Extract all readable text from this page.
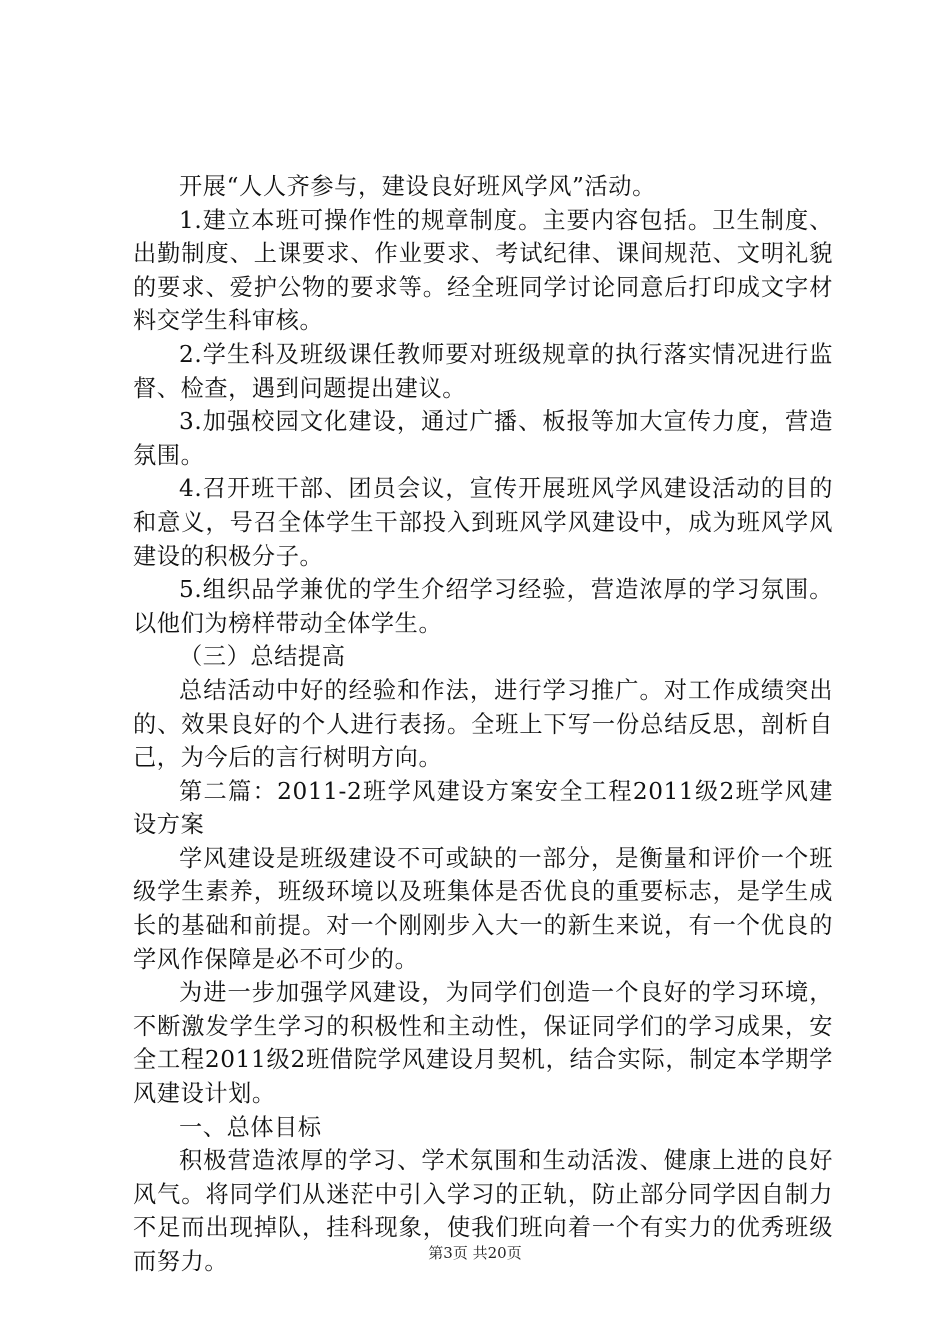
开展“人人齐参与，建设良好班风学风”活动。

1.建立本班可操作性的规章制度。主要内容包括。卫生制度、出勤制度、上课要求、作业要求、考试纪律、课间规范、文明礼貌的要求、爱护公物的要求等。经全班同学讨论同意后打印成文字材料交学生科审核。

2.学生科及班级课任教师要对班级规章的执行落实情况进行监督、检查，遇到问题提出建议。

3.加强校园文化建设，通过广播、板报等加大宣传力度，营造氛围。

4.召开班干部、团员会议，宣传开展班风学风建设活动的目的和意义，号召全体学生干部投入到班风学风建设中，成为班风学风建设的积极分子。

5.组织品学兼优的学生介绍学习经验，营造浓厚的学习氛围。以他们为榜样带动全体学生。

（三）总结提高

总结活动中好的经验和作法，进行学习推广。对工作成绩突出的、效果良好的个人进行表扬。全班上下写一份总结反思，剖析自己，为今后的言行树明方向。

第二篇：2011-2班学风建设方案安全工程2011级2班学风建设方案

学风建设是班级建设不可或缺的一部分，是衡量和评价一个班级学生素养，班级环境以及班集体是否优良的重要标志，是学生成长的基础和前提。对一个刚刚步入大一的新生来说，有一个优良的学风作保障是必不可少的。

为进一步加强学风建设，为同学们创造一个良好的学习环境，不断激发学生学习的积极性和主动性，保证同学们的学习成果，安全工程2011级2班借院学风建设月契机，结合实际，制定本学期学风建设计划。

一、总体目标

积极营造浓厚的学习、学术氛围和生动活泼、健康上进的良好风气。将同学们从迷茫中引入学习的正轨，防止部分同学因自制力不足而出现掉队，挂科现象，使我们班向着一个有实力的优秀班级而努力。	第3页 共20页
